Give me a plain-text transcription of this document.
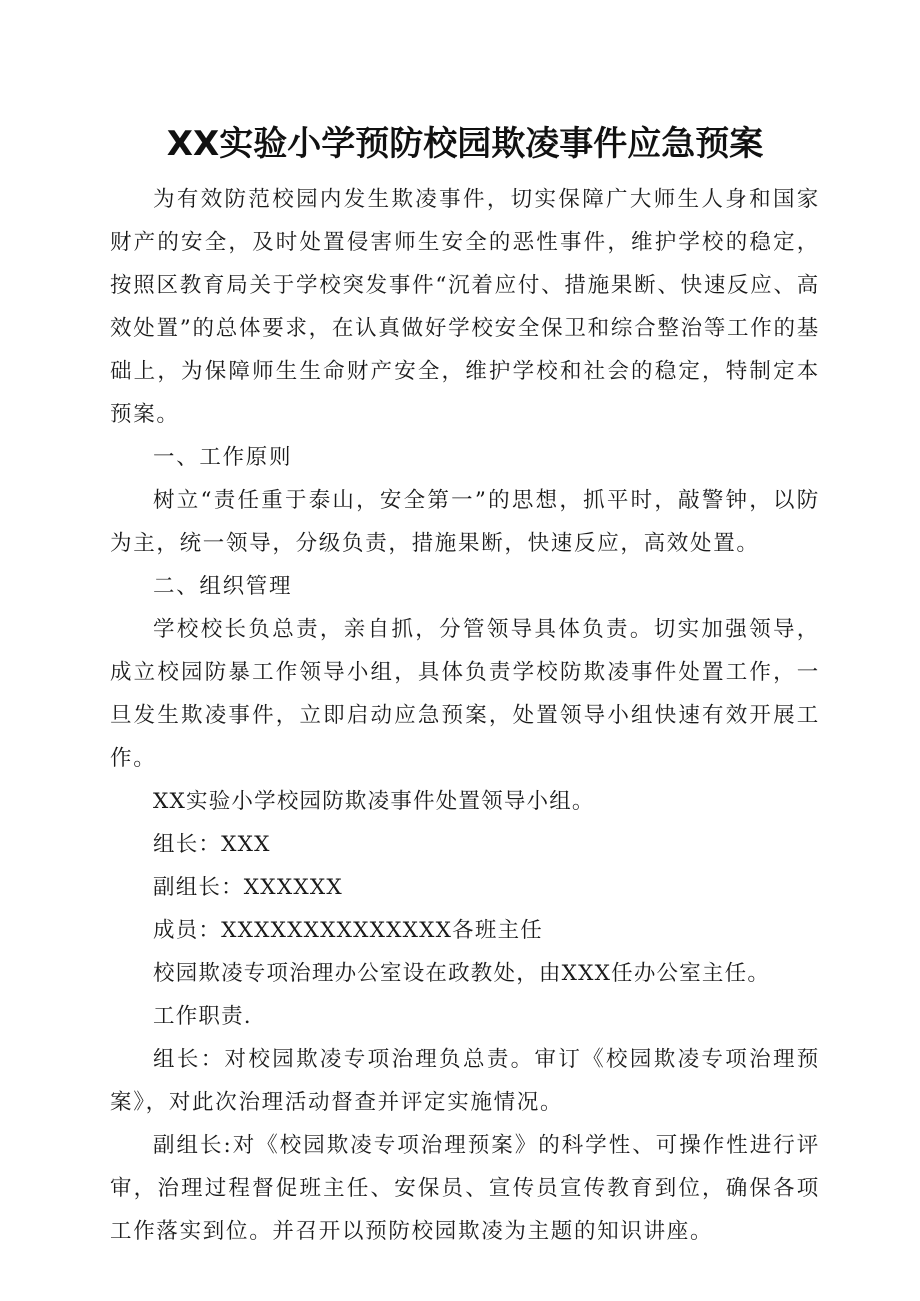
XX实验小学预防校园欺凌事件应急预案

为有效防范校园内发生欺凌事件，切实保障广大师生人身和国家财产的安全，及时处置侵害师生安全的恶性事件，维护学校的稳定，按照区教育局关于学校突发事件“沉着应付、措施果断、快速反应、高效处置”的总体要求，在认真做好学校安全保卫和综合整治等工作的基础上，为保障师生生命财产安全，维护学校和社会的稳定，特制定本预案。

一、工作原则

树立“责任重于泰山，安全第一”的思想，抓平时，敲警钟，以防为主，统一领导，分级负责，措施果断，快速反应，高效处置。

二、组织管理

学校校长负总责，亲自抓，分管领导具体负责。切实加强领导，成立校园防暴工作领导小组，具体负责学校防欺凌事件处置工作，一旦发生欺凌事件，立即启动应急预案，处置领导小组快速有效开展工作。

XX实验小学校园防欺凌事件处置领导小组。

组长：XXX

副组长：XXXXXX

成员：XXXXXXXXXXXXXX各班主任

校园欺凌专项治理办公室设在政教处，由XXX任办公室主任。

工作职责.

组长：对校园欺凌专项治理负总责。审订《校园欺凌专项治理预案》，对此次治理活动督查并评定实施情况。

副组长:对《校园欺凌专项治理预案》的科学性、可操作性进行评审，治理过程督促班主任、安保员、宣传员宣传教育到位，确保各项工作落实到位。并召开以预防校园欺凌为主题的知识讲座。
